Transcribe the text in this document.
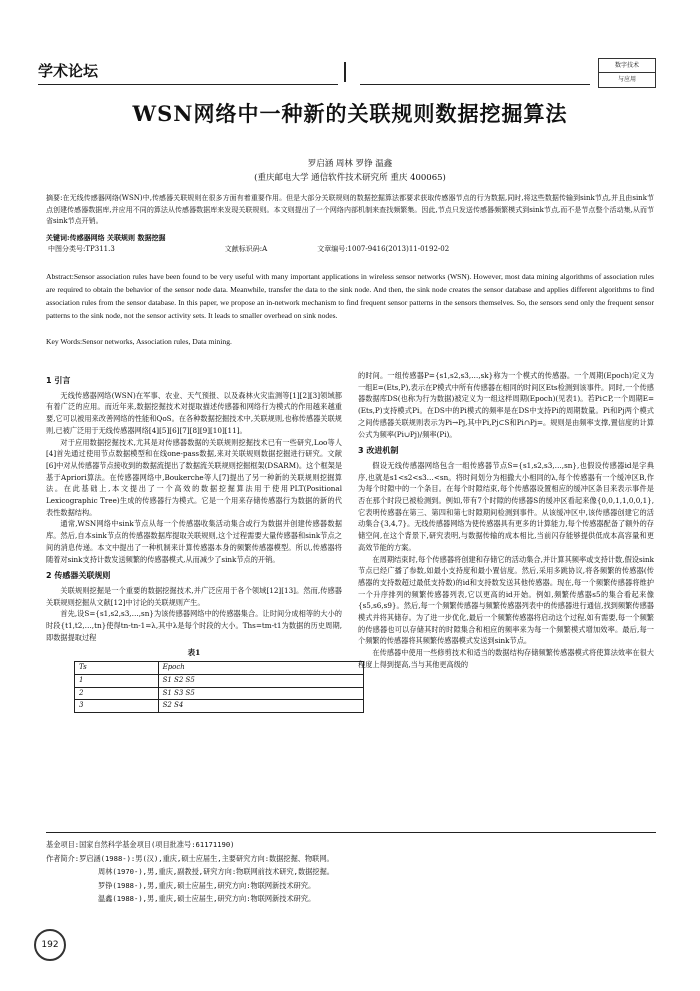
学术论坛	数字技术
与应用
WSN网络中一种新的关联规则数据挖掘算法
罗启涵 周林 罗铮 温鑫
(重庆邮电大学 通信软件技术研究所 重庆 400065)
摘要:在无线传感器网络(WSN)中,传感器关联规则在很多方面有着重要作用。但是大部分关联规则的数据挖掘算法都要求获取传感器节点的行为数据,同时,将这些数据传输到sink节点,并且由sink节点创建传感器数据库,并应用不同的算法从传感器数据库来发现关联规则。本文则提出了一个网络内部机制来查找频繁集。因此,节点只发送传感器频繁模式到sink节点,而不是节点整个活动集,从而节省sink节点开销。
关键词:传感器网络 关联规则 数据挖掘
中图分类号:TP311.3	文献标识码:A	文章编号:1007-9416(2013)11-0192-02
Abstract:Sensor association rules have been found to be very useful with many important applications in wireless sensor networks (WSN). However, most data mining algorithms of association rules are required to obtain the behavior of the sensor node data. Meanwhile, transfer the data to the sink node. And then, the sink node creates the sensor database and applies different algorithms to find association rules from the sensor database. In this paper, we propose an in-network mechanism to find frequent sensor patterns in the sensors themselves. So, the sensors send only the frequent sensor patterns to the sink node, not the sensor activity sets. It leads to smaller overhead on sink nodes.
Key Words:Sensor networks, Association rules, Data mining.
1 引言

无线传感器网络(WSN)在军事、农业、天气预报、以及森林火灾监测等[1][2][3]领域都有着广泛的应用。而近年来,数据挖掘技术对提取描述传感器和网络行为模式的作用越来越重要,它可以被用来改善网络的性能和QoS。在各种数据挖掘技术中,关联规则,也称传感器关联规则,已被广泛用于无线传感器网络[4][5][6][7][8][9][10][11]。

对于应用数据挖掘技术,尤其是对传感器数据的关联规则挖掘技术已有一些研究,Loo等人[4]首先通过使用节点数据模型和在线one-pass数据,来对关联规则数据挖掘进行研究。文献[6]中对从传感器节点接收到的数据流提出了数据流关联规则挖掘框架(DSARM)。这个框架是基于Apriori算法。在传感器网络中,Boukerche等人[7]提出了另一种新的关联规则挖掘算法。在此基础上,本文提出了一个高效的数据挖掘算法用于使用PLT(Positional Lexicographic Tree)生成的传感器行为模式。它是一个用来存储传感器行为数据的新的代表性数据结构。

通常,WSN网络中sink节点从每一个传感器收集活动集合或行为数据并创建传感器数据库。然后,自本sink节点的传感器数据库提取关联规则,这个过程需要大量传感器和sink节点之间的消息传递。本文中提出了一种机制来计算传感器本身的频繁传感器模型。所以,传感器将随着对sink支持计数发送频繁的传感器模式,从而减少了sink节点的开销。

2 传感器关联规则

关联规则挖掘是一个重要的数据挖掘技术,并广泛应用于各个领域[12][13]。然而,传感器关联规则挖掘从文献[12]中讨论的关联规则产生。

首先,设S={s1,s2,s3,…,sn}为该传感器网络中的传感器集合。让时间分成相等的大小的时段{t1,t2,…,tn}使得tn-tn-1=λ,其中λ是每个时段的大小。Ths=tm-t1为数据的历史周期,即数据提取过程

表1
Ts	Epoch
1	S1 S2 S5
2	S1 S3 S5
3	S2 S4

的时间。一组传感器P={s1,s2,s3,…,sk}称为一个模式的传感器。一个周期(Epoch)定义为一组E=(Ets,P),表示在P模式中所有传感器在相同的时间区Ets检测到该事件。同时,一个传感器数据库DS(也称为行为数据)被定义为一组这样周期(Epoch)(见表1)。若Pi⊂P,一个周期E=(Ets,P)支持模式Pi。在DS中的Pi模式的频率是在DS中支持Pi的周期数量。Pi和Pj两个模式之间传感器关联规则表示为Pi→Pj,其中Pi,Pj⊂S和Pi∩Pj=。规则是由频率支撑,置信度的计算公式为频率(Pi∪Pj)/频率(Pi)。

3 改进机制

假设无线传感器网络包含一组传感器节点S={s1,s2,s3,…,sn},也假设传感器id是字典序,也就是s1<s2<s3…<sn。将时间划分为相撒大小相同的λ,每个传感器有一个缓冲区B,作为每个时隙中的一个条目。在每个时隙结束,每个传感器设置相应的缓冲区条目来表示事件是否在那个时段已被检测到。例如,带有7个时隙的传感器S的缓冲区看起来像{0,0,1,1,0,0,1},它表明传感器在第三、第四和第七时隙期间检测到事件。从该缓冲区中,该传感器创建它的活动集合{3,4,7}。无线传感器网络为使传感器具有更多的计算能力,每个传感器配备了额外的存储空间,在这个背景下,研究表明,与数据传输的成本相比,当前闪存能够提供低成本高容量和更高效节能的方案。

在周期结束时,每个传感器将创建和存储它的活动集合,并计算其频率或支持计数,假设sink节点已经广播了参数,如最小支持度和最小置信度。然后,采用多跳协议,将各频繁的传感器(传感器的支持数超过最低支持数)的id和支持数发送其他传感器。现在,每一个频繁传感器将维护一个升序排列的频繁传感器列表,它以更高的id开始。例如,频繁传感器s5的集合看起来像{s5,s6,s9}。然后,每一个频繁传感器与频繁传感器列表中的传感器进行通信,找到频繁传感器模式并将其储存。为了进一步优化,最后一个频繁传感器将启动这个过程,如有需要,每一个频繁的传感器也可以存储其时的时隙集合和相应的频率来为每一个频繁模式增加效率。最后,每一个频繁的传感器将其频繁传感器模式发送到sink节点。

在传感器中使用一些修剪技术和适当的数据结构存储频繁传感器模式将使算法效率在很大程度上得到提高,当与其他更高级的

基金项目:国家自然科学基金项目(项目批准号:61171190)
作者简介:罗启涵(1988-):男(汉),重庆,硕士应届生,主要研究方向:数据挖掘、物联网。
周林(1970-),男,重庆,副教授,研究方向:物联网前技术研究,数据挖掘。
罗铮(1988-),男,重庆,硕士应届生,研究方向:物联网新技术研究。
温鑫(1988-),男,重庆,硕士应届生,研究方向:物联网新技术研究。
192
